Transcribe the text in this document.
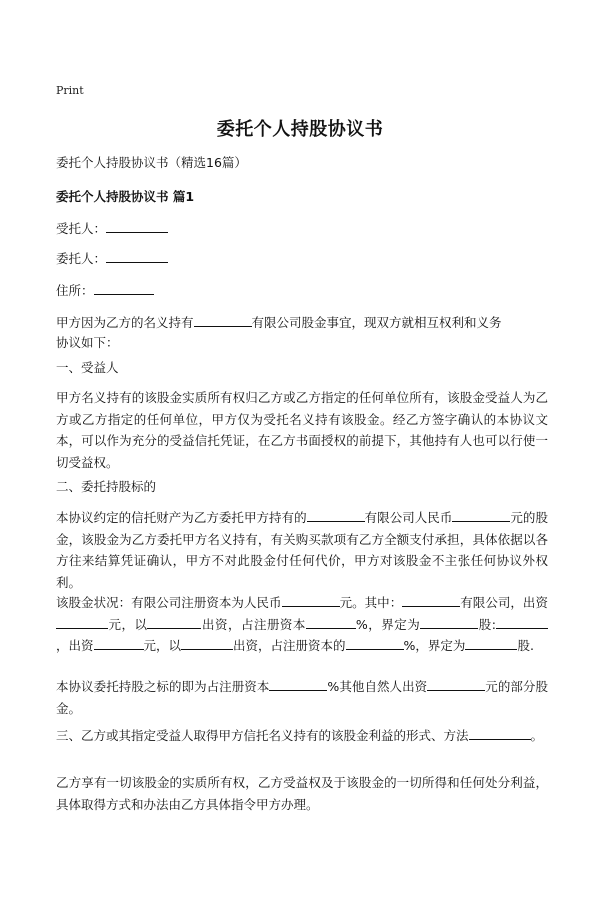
Print
委托个人持股协议书
委托个人持股协议书（精选16篇）
委托个人持股协议书 篇1
受托人：
委托人：
住所：
甲方因为乙方的名义持有	有限公司股金事宜，现双方就相互权利和义务
协议如下：
一、受益人
甲方名义持有的该股金实质所有权归乙方或乙方指定的任何单位所有，该股金受益人为乙方或乙方指定的任何单位，甲方仅为受托名义持有该股金。经乙方签字确认的本协议文本，可以作为充分的受益信托凭证，在乙方书面授权的前提下，其他持有人也可以行使一切受益权。
二、委托持股标的
本协议约定的信托财产为乙方委托甲方持有的	有限公司人民币	元的股金，该股金为乙方委托甲方名义持有，有关购买款项有乙方全额支付承担，具体依据以各方往来结算凭证确认，甲方不对此股金付任何代价，甲方对该股金不主张任何协议外权利。
该股金状况：有限公司注册资本为人民币	元。其中：	有限公司，出资元，以	出资，占注册资本	%，界定为	股:，出资	元，以	出资，占注册资本的	%，界定为	股.
本协议委托持股之标的即为占注册资本	%其他自然人出资	元的部分股金。
三、乙方或其指定受益人取得甲方信托名义持有的该股金利益的形式、方法	。
乙方享有一切该股金的实质所有权，乙方受益权及于该股金的一切所得和任何处分利益，具体取得方式和办法由乙方具体指令甲方办理。
